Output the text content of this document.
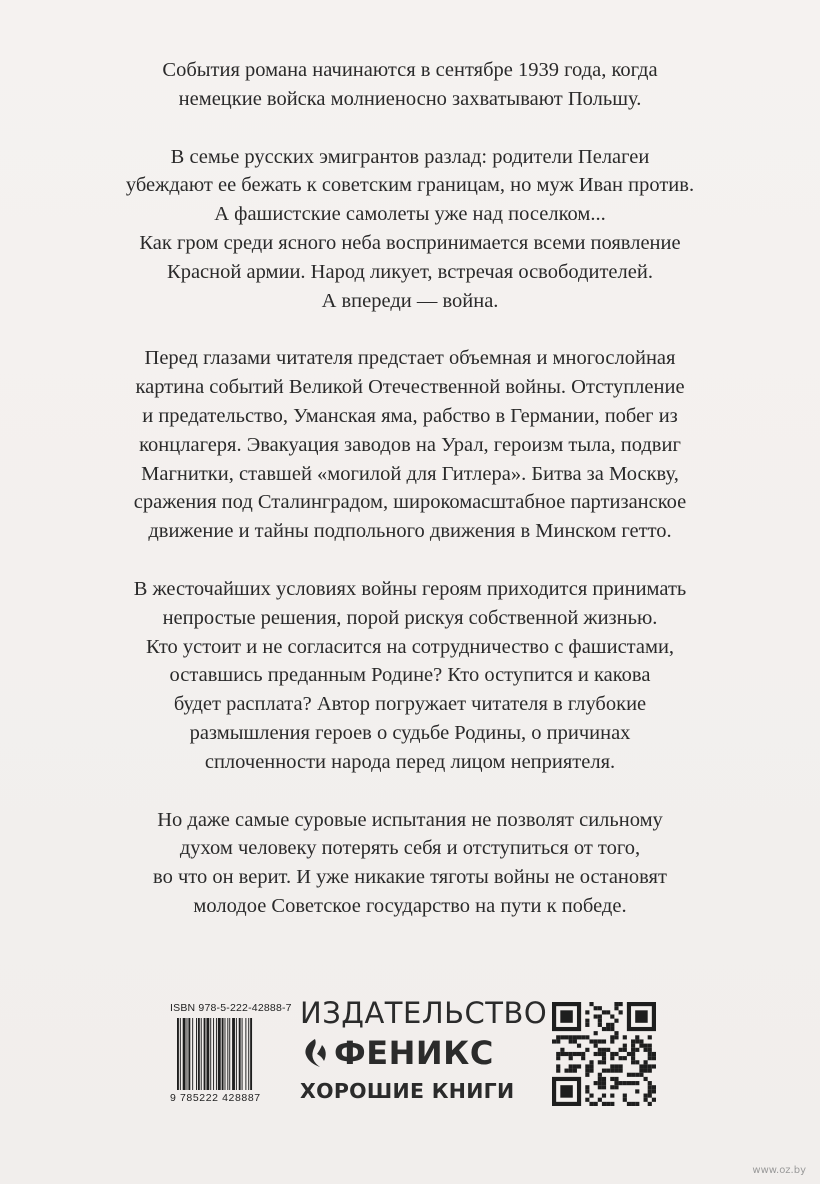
События романа начинаются в сентябре 1939 года, когда
немецкие войска молниеносно захватывают Польшу.

В семье русских эмигрантов разлад: родители Пелагеи
убеждают ее бежать к советским границам, но муж Иван против.
А фашистские самолеты уже над поселком...
Как гром среди ясного неба воспринимается всеми появление
Красной армии. Народ ликует, встречая освободителей.
А впереди — война.

Перед глазами читателя предстает объемная и многослойная
картина событий Великой Отечественной войны. Отступление
и предательство, Уманская яма, рабство в Германии, побег из
концлагеря. Эвакуация заводов на Урал, героизм тыла, подвиг
Магнитки, ставшей «могилой для Гитлера». Битва за Москву,
сражения под Сталинградом, широкомасштабное партизанское
движение и тайны подпольного движения в Минском гетто.

В жесточайших условиях войны героям приходится принимать
непростые решения, порой рискуя собственной жизнью.
Кто устоит и не согласится на сотрудничество с фашистами,
оставшись преданным Родине? Кто оступится и какова
будет расплата? Автор погружает читателя в глубокие
размышления героев о судьбе Родины, о причинах
сплоченности народа перед лицом неприятеля.

Но даже самые суровые испытания не позволят сильному
духом человеку потерять себя и отступиться от того,
во что он верит. И уже никакие тяготы войны не остановят
молодое Советское государство на пути к победе.

ISBN 978-5-222-42888-7
9 785222 428887
ИЗДАТЕЛЬСТВО
ФЕНИКС
ХОРОШИЕ КНИГИ
www.oz.by
